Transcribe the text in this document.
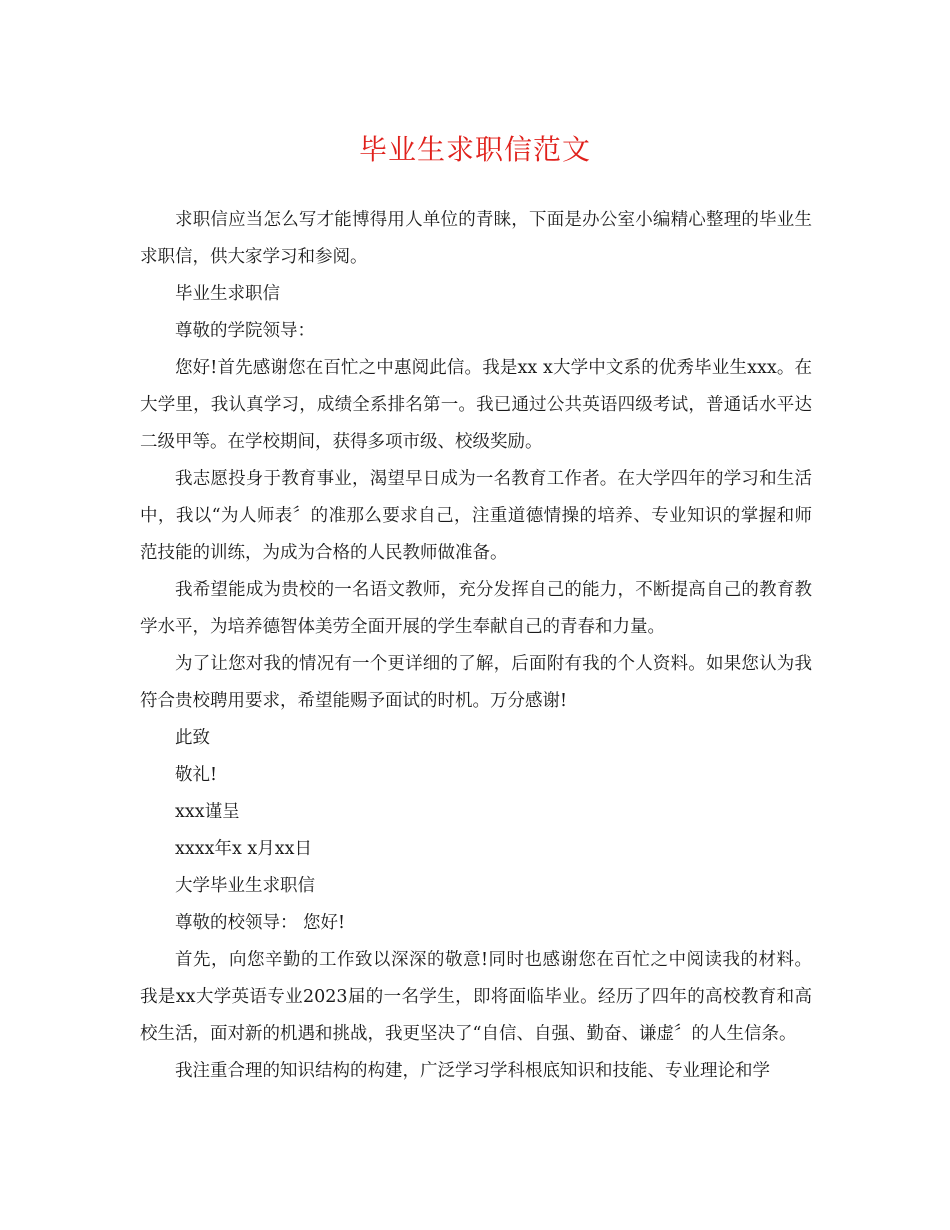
毕业生求职信范文

求职信应当怎么写才能博得用人单位的青睐，下面是办公室小编精心整理的毕业生求职信，供大家学习和参阅。

毕业生求职信

尊敬的学院领导：

您好!首先感谢您在百忙之中惠阅此信。我是xx x大学中文系的优秀毕业生xxx。在大学里，我认真学习，成绩全系排名第一。我已通过公共英语四级考试，普通话水平达二级甲等。在学校期间，获得多项市级、校级奖励。

我志愿投身于教育事业，渴望早日成为一名教育工作者。在大学四年的学习和生活中，我以“为人师表〞的准那么要求自己，注重道德情操的培养、专业知识的掌握和师范技能的训练，为成为合格的人民教师做准备。

我希望能成为贵校的一名语文教师，充分发挥自己的能力，不断提高自己的教育教学水平，为培养德智体美劳全面开展的学生奉献自己的青春和力量。

为了让您对我的情况有一个更详细的了解，后面附有我的个人资料。如果您认为我符合贵校聘用要求，希望能赐予面试的时机。万分感谢!

此致

敬礼!

xxx谨呈

xxxx年x x月xx日

大学毕业生求职信

尊敬的校领导： 您好!

首先，向您辛勤的工作致以深深的敬意!同时也感谢您在百忙之中阅读我的材料。我是xx大学英语专业2023届的一名学生，即将面临毕业。经历了四年的高校教育和高校生活，面对新的机遇和挑战，我更坚决了“自信、自强、勤奋、谦虚〞的人生信条。

我注重合理的知识结构的构建，广泛学习学科根底知识和技能、专业理论和学
